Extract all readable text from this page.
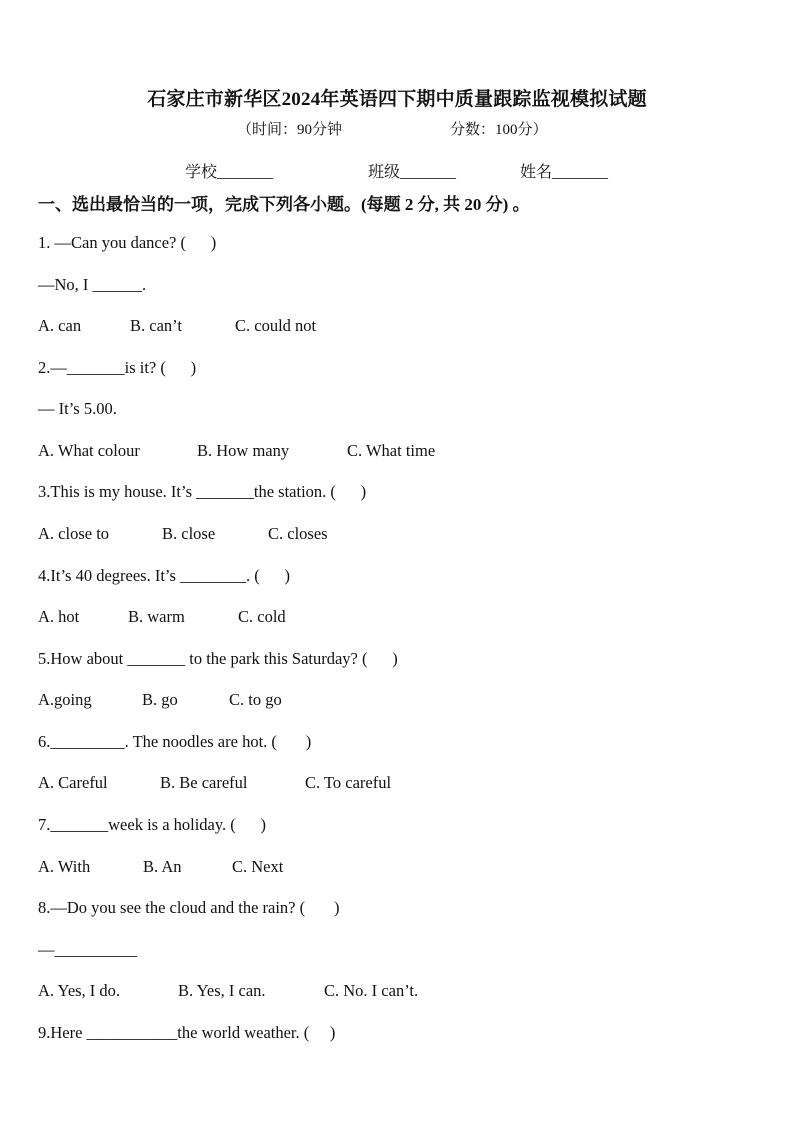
石家庄市新华区2024年英语四下期中质量跟踪监视模拟试题
（时间：90分钟	分数：100分）
学校_______	班级_______	姓名_______
一、选出最恰当的一项，完成下列各小题。(每题 2 分, 共 20 分) 。
1. —Can you dance? (      )
—No, I ______.

A. can

	B. can’t

	C. could not

2.—_______is it? (      )
— It’s 5.00.

A. What colour

	B. How many

	C. What time

3.This is my house. It’s _______the station. (      )

A. close to

	B. close

	C. closes

4.It’s 40 degrees. It’s ________. (      )

A. hot

	B. warm

	C. cold

5.How about _______ to the park this Saturday? (      )

A.going

	B. go

	C. to go

6._________. The noodles are hot. (       )

A. Careful

	B. Be careful

	C. To careful

7._______week is a holiday. (      )

A. With

	B. An

	C. Next

8.—Do you see the cloud and the rain? (       )
—__________

A. Yes, I do.

	B. Yes, I can.

	C. No. I can’t.

9.Here ___________the world weather. (     )
